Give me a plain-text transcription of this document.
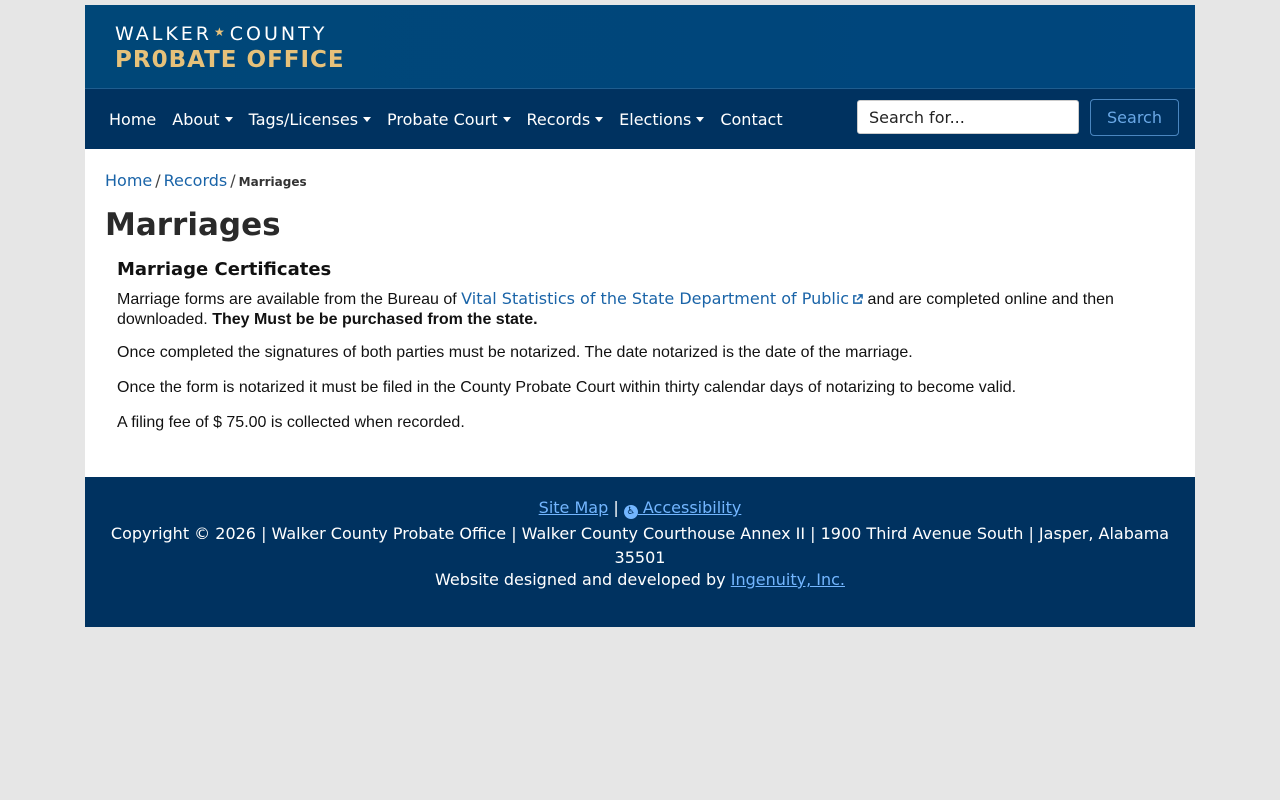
WALKER ★ COUNTY
PR0BATE OFFICE
Home About Tags/Licenses Probate Court Records Elections Contact
Search for...	Search
Home / Records / Marriages
Marriages
Marriage Certificates

Marriage forms are available from the Bureau of Vital Statistics of the State Department of Public and are completed online and then downloaded. They Must be be purchased from the state.

Once completed the signatures of both parties must be notarized. The date notarized is the date of the marriage.

Once the form is notarized it must be filed in the County Probate Court within thirty calendar days of notarizing to become valid.

A filing fee of $ 75.00 is collected when recorded.

Site Map | ♿ Accessibility
Copyright © 2026 | Walker County Probate Office | Walker County Courthouse Annex II | 1900 Third Avenue South | Jasper, Alabama 35501
Website designed and developed by Ingenuity, Inc.
